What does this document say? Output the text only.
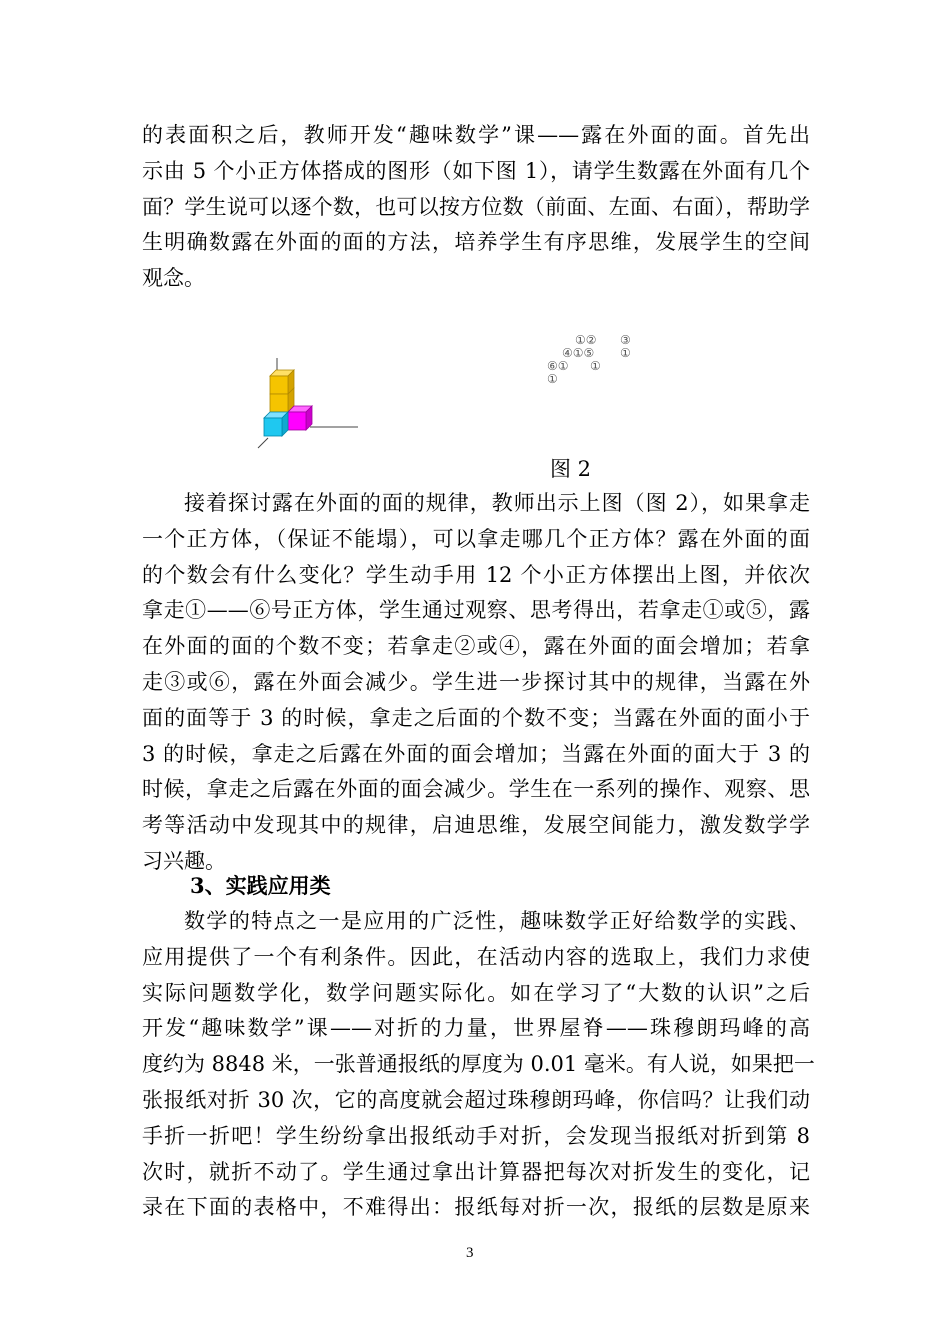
的表面积之后，教师开发“趣味数学”课——露在外面的面。首先出
示由 5 个小正方体搭成的图形（如下图 1），请学生数露在外面有几个
面？学生说可以逐个数，也可以按方位数（前面、左面、右面），帮助学
生明确数露在外面的面的方法，培养学生有序思维，发展学生的空间
观念。
①② ③
④①⑤ ①
⑥① ①
①
图 2
接着探讨露在外面的面的规律，教师出示上图（图 2），如果拿走
一个正方体，（保证不能塌），可以拿走哪几个正方体？露在外面的面
的个数会有什么变化？学生动手用 12 个小正方体摆出上图，并依次
拿走①——⑥号正方体，学生通过观察、思考得出，若拿走①或⑤，露
在外面的面的个数不变；若拿走②或④，露在外面的面会增加；若拿
走③或⑥，露在外面会减少。学生进一步探讨其中的规律，当露在外
面的面等于 3 的时候，拿走之后面的个数不变；当露在外面的面小于
3 的时候，拿走之后露在外面的面会增加；当露在外面的面大于 3 的
时候，拿走之后露在外面的面会减少。学生在一系列的操作、观察、思
考等活动中发现其中的规律，启迪思维，发展空间能力，激发数学学
习兴趣。
3、实践应用类
数学的特点之一是应用的广泛性，趣味数学正好给数学的实践、
应用提供了一个有利条件。因此，在活动内容的选取上，我们力求使
实际问题数学化，数学问题实际化。如在学习了“大数的认识”之后
开发“趣味数学”课——对折的力量，世界屋脊——珠穆朗玛峰的高
度约为 8848 米，一张普通报纸的厚度为 0.01 毫米。有人说，如果把一
张报纸对折 30 次，它的高度就会超过珠穆朗玛峰，你信吗？让我们动
手折一折吧！学生纷纷拿出报纸动手对折，会发现当报纸对折到第 8
次时，就折不动了。学生通过拿出计算器把每次对折发生的变化，记
录在下面的表格中，不难得出：报纸每对折一次，报纸的层数是原来
3
